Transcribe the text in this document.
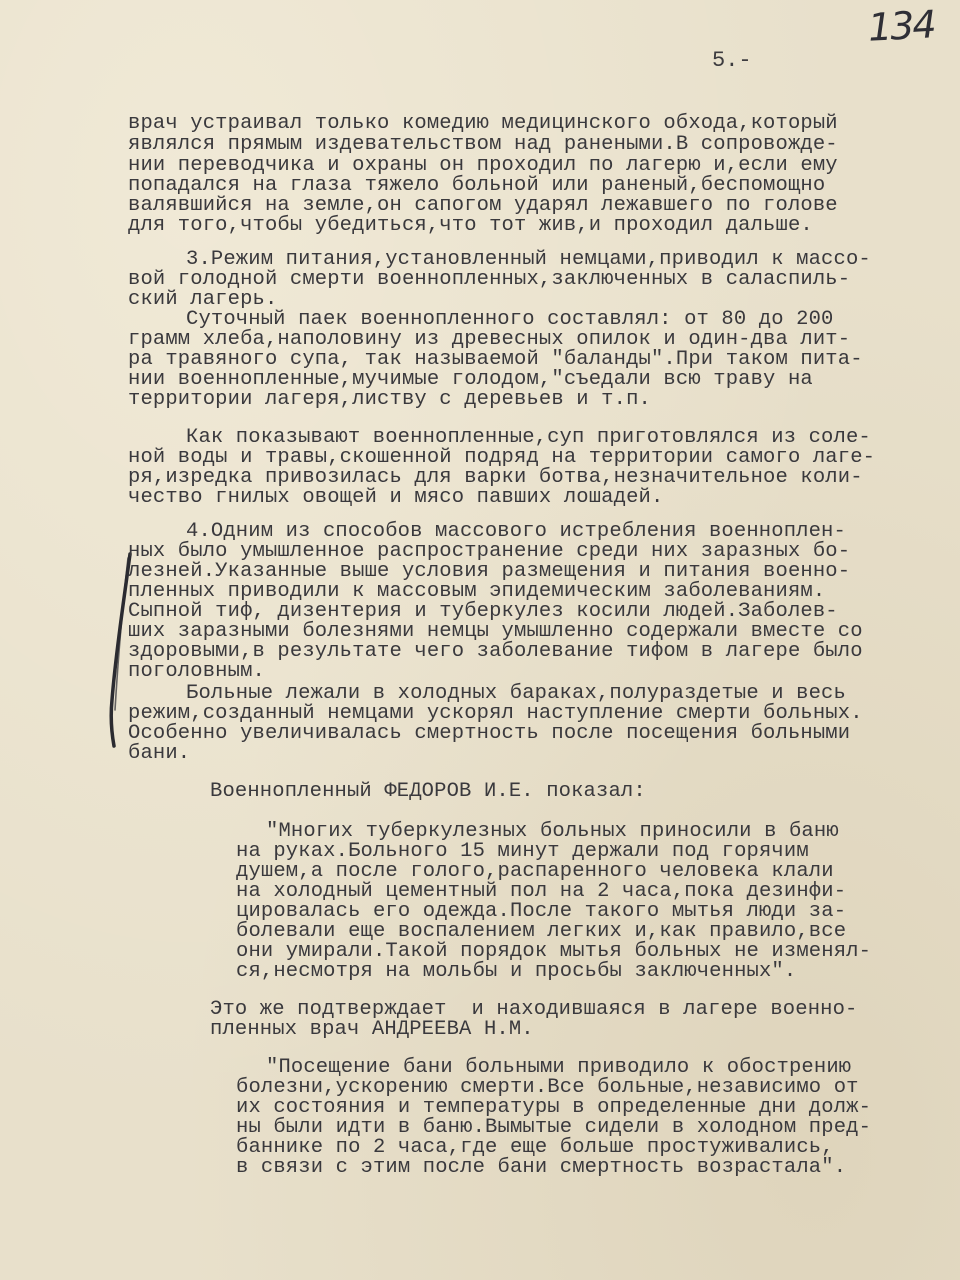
134
5.-
врач устраивал только комедию медицинского обхода,который
являлся прямым издевательством над ранеными.В сопровожде-
нии переводчика и охраны он проходил по лагерю и,если ему
попадался на глаза тяжело больной или раненый,беспомощно
валявшийся на земле,он сапогом ударял лежавшего по голове
для того,чтобы убедиться,что тот жив,и проходил дальше.
3.Режим питания,установленный немцами,приводил к массо-
вой голодной смерти военнопленных,заключенных в саласпиль-
ский лагерь.
Суточный паек военнопленного составлял: от 80 до 200
грамм хлеба,наполовину из древесных опилок и один-два лит-
ра травяного супа, так называемой "баланды".При таком пита-
нии военнопленные,мучимые голодом,"съедали всю траву на
территории лагеря,листву с деревьев и т.п.
Как показывают военнопленные,суп приготовлялся из соле-
ной воды и травы,скошенной подряд на территории самого лаге-
ря,изредка привозилась для варки ботва,незначительное коли-
чество гнилых овощей и мясо павших лошадей.
4.Одним из способов массового истребления военноплен-
ных было умышленное распространение среди них заразных бо-
лезней.Указанные выше условия размещения и питания военно-
пленных приводили к массовым эпидемическим заболеваниям.
Сыпной тиф, дизентерия и туберкулез косили людей.Заболев-
ших заразными болезнями немцы умышленно содержали вместе со
здоровыми,в результате чего заболевание тифом в лагере было
поголовным.
Больные лежали в холодных бараках,полураздетые и весь
режим,созданный немцами ускорял наступление смерти больных.
Особенно увеличивалась смертность после посещения больными
бани.
Военнопленный ФЕДОРОВ И.Е. показал:
"Многих туберкулезных больных приносили в баню
на руках.Больного 15 минут держали под горячим
душем,а после голого,распаренного человека клали
на холодный цементный пол на 2 часа,пока дезинфи-
цировалась его одежда.После такого мытья люди за-
болевали еще воспалением легких и,как правило,все
они умирали.Такой порядок мытья больных не изменял-
ся,несмотря на мольбы и просьбы заключенных".
Это же подтверждает  и находившаяся в лагере военно-
пленных врач АНДРЕЕВА Н.М.
"Посещение бани больными приводило к обострению
болезни,ускорению смерти.Все больные,независимо от
их состояния и температуры в определенные дни долж-
ны были идти в баню.Вымытые сидели в холодном пред-
баннике по 2 часа,где еще больше простуживались,
в связи с этим после бани смертность возрастала".
